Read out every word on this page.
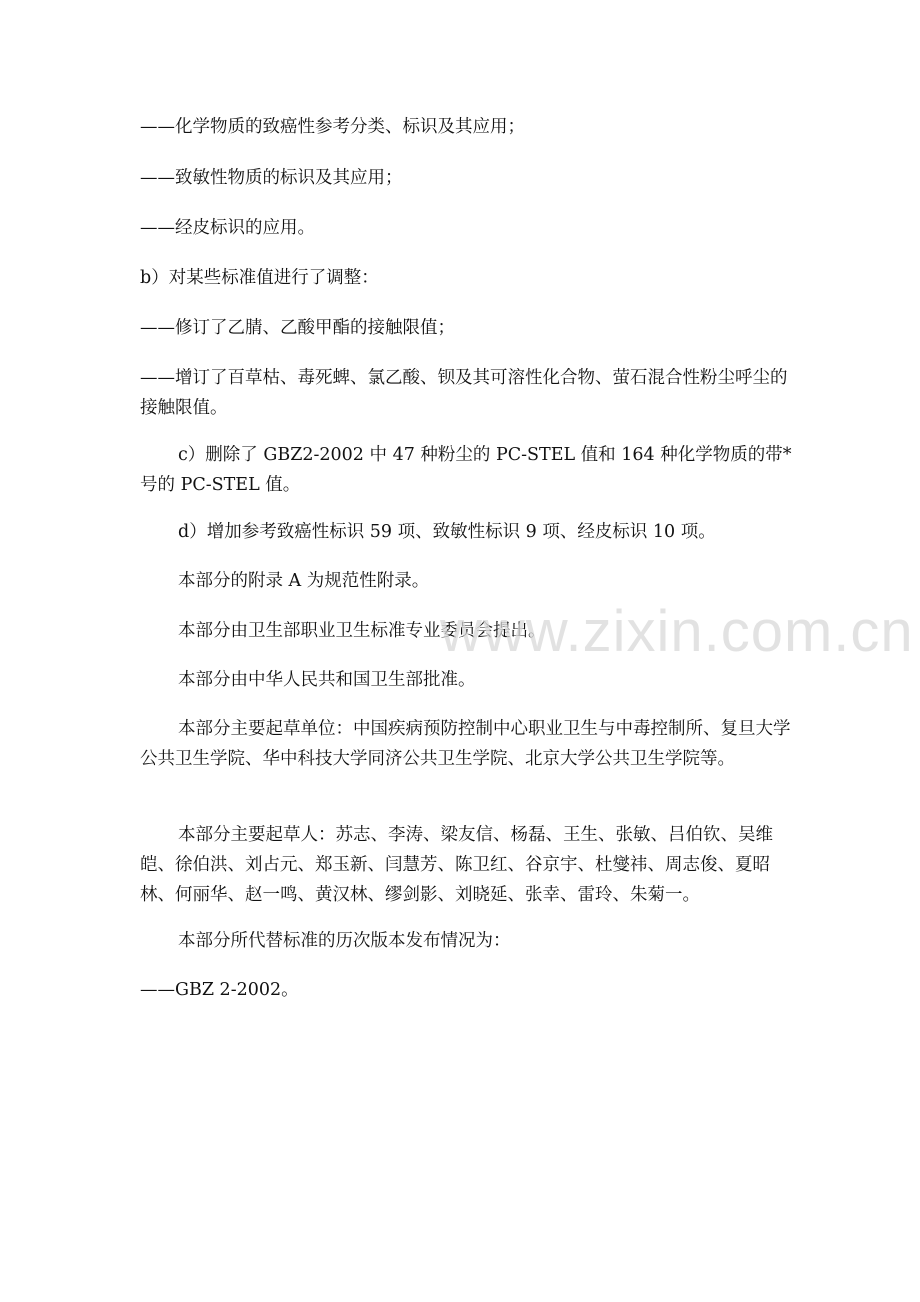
——化学物质的致癌性参考分类、标识及其应用；

——致敏性物质的标识及其应用；

——经皮标识的应用。

b）对某些标准值进行了调整：

——修订了乙腈、乙酸甲酯的接触限值；

——增订了百草枯、毒死蜱、氯乙酸、钡及其可溶性化合物、萤石混合性粉尘呼尘的接触限值。

c）删除了 GBZ2-2002 中 47 种粉尘的 PC-STEL 值和 164 种化学物质的带*号的 PC-STEL 值。

d）增加参考致癌性标识 59 项、致敏性标识 9 项、经皮标识 10 项。

本部分的附录 A 为规范性附录。

本部分由卫生部职业卫生标准专业委员会提出。

本部分由中华人民共和国卫生部批准。

本部分主要起草单位：中国疾病预防控制中心职业卫生与中毒控制所、复旦大学公共卫生学院、华中科技大学同济公共卫生学院、北京大学公共卫生学院等。

本部分主要起草人：苏志、李涛、梁友信、杨磊、王生、张敏、吕伯钦、吴维皑、徐伯洪、刘占元、郑玉新、闫慧芳、陈卫红、谷京宇、杜燮祎、周志俊、夏昭林、何丽华、赵一鸣、黄汉林、缪剑影、刘晓延、张幸、雷玲、朱菊一。

本部分所代替标准的历次版本发布情况为：

——GBZ 2-2002。

www.zixin.com.cn
